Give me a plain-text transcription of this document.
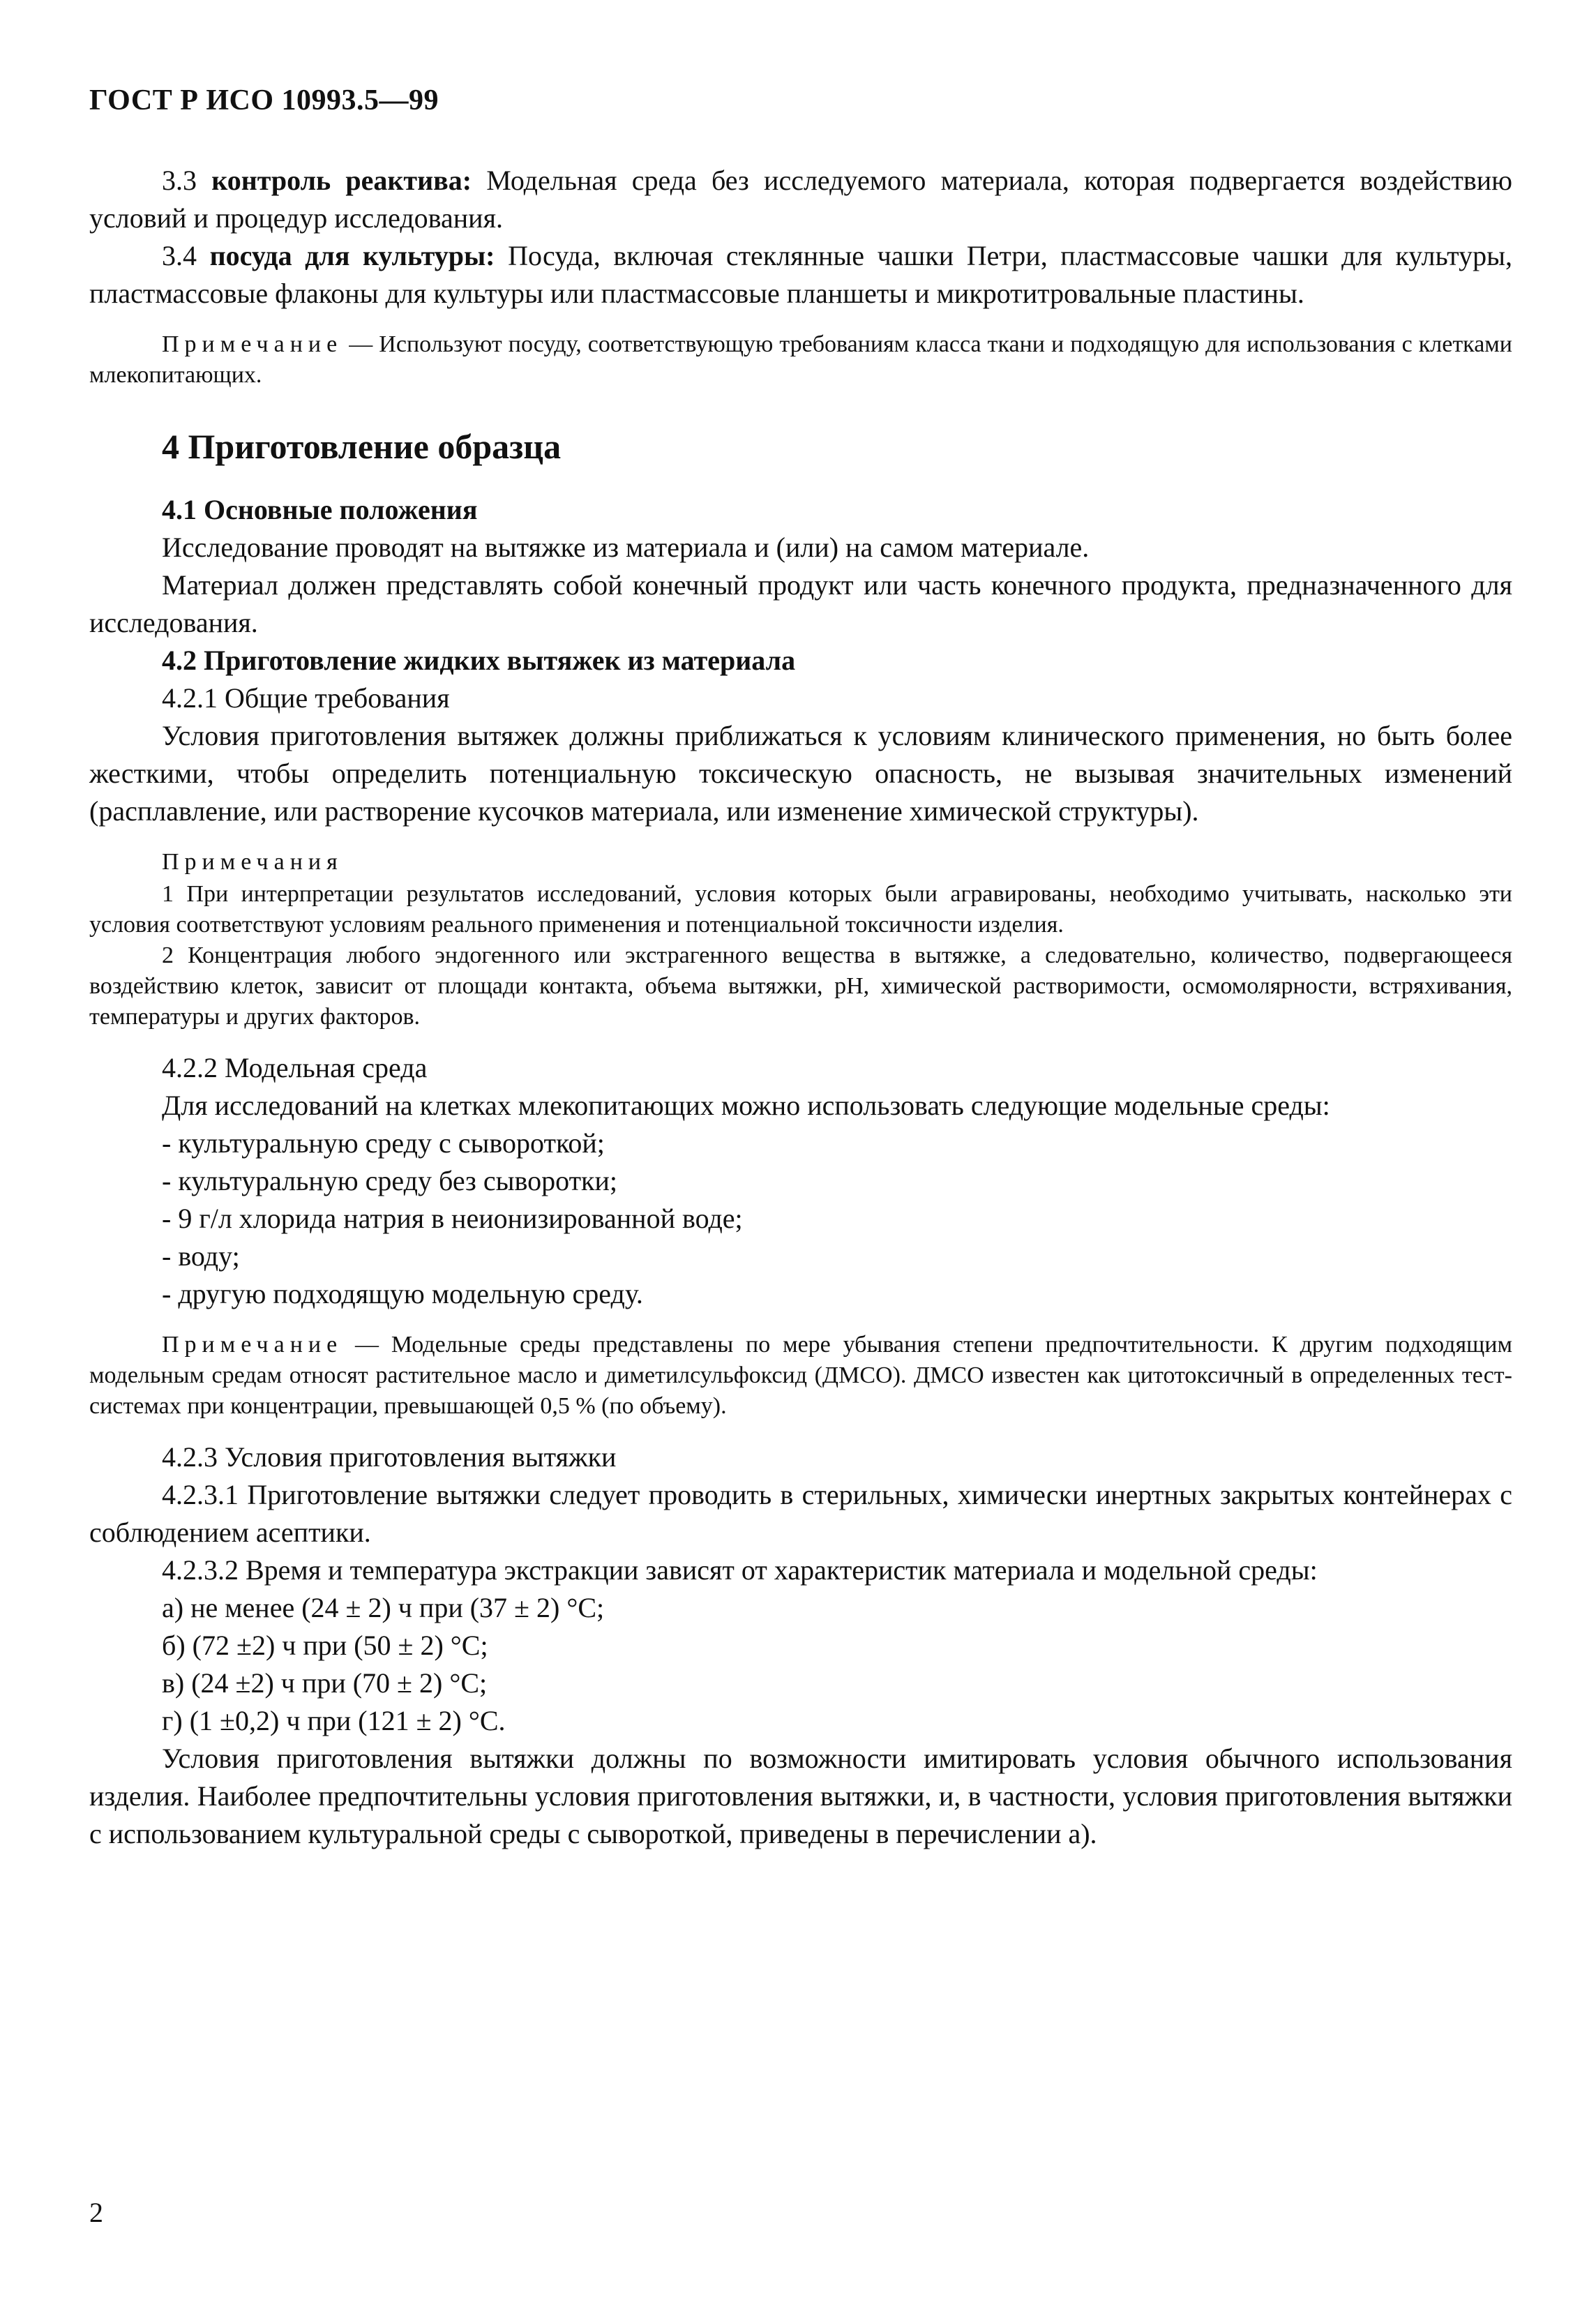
ГОСТ Р ИСО 10993.5—99

3.3 контроль реактива: Модельная среда без исследуемого материала, которая подвергается воздействию условий и процедур исследования.

3.4 посуда для культуры: Посуда, включая стеклянные чашки Петри, пластмассовые чашки для культуры, пластмассовые флаконы для культуры или пластмассовые планшеты и микротитровальные пластины.

Примечание — Используют посуду, соответствующую требованиям класса ткани и подходящую для использования с клетками млекопитающих.

4 Приготовление образца

4.1 Основные положения

Исследование проводят на вытяжке из материала и (или) на самом материале.

Материал должен представлять собой конечный продукт или часть конечного продукта, предназначенного для исследования.

4.2 Приготовление жидких вытяжек из материала

4.2.1 Общие требования

Условия приготовления вытяжек должны приближаться к условиям клинического применения, но быть более жесткими, чтобы определить потенциальную токсическую опасность, не вызывая значительных изменений (расплавление, или растворение кусочков материала, или изменение химической структуры).

Примечания

1 При интерпретации результатов исследований, условия которых были агравированы, необходимо учитывать, насколько эти условия соответствуют условиям реального применения и потенциальной токсичности изделия.

2 Концентрация любого эндогенного или экстрагенного вещества в вытяжке, а следовательно, количество, подвергающееся воздействию клеток, зависит от площади контакта, объема вытяжки, pH, химической растворимости, осмомолярности, встряхивания, температуры и других факторов.

4.2.2 Модельная среда

Для исследований на клетках млекопитающих можно использовать следующие модельные среды:

- культуральную среду с сывороткой;

- культуральную среду без сыворотки;

- 9 г/л хлорида натрия в неионизированной воде;

- воду;

- другую подходящую модельную среду.

Примечание — Модельные среды представлены по мере убывания степени предпочтительности. К другим подходящим модельным средам относят растительное масло и диметилсульфоксид (ДМСО). ДМСО известен как цитотоксичный в определенных тест-системах при концентрации, превышающей 0,5 % (по объему).

4.2.3 Условия приготовления вытяжки

4.2.3.1 Приготовление вытяжки следует проводить в стерильных, химически инертных закрытых контейнерах с соблюдением асептики.

4.2.3.2 Время и температура экстракции зависят от характеристик материала и модельной среды:

а) не менее (24 ± 2) ч при (37 ± 2) °C;

б) (72 ±2) ч при (50 ± 2) °C;

в) (24 ±2) ч при (70 ± 2) °C;

г) (1 ±0,2) ч при (121 ± 2) °C.

Условия приготовления вытяжки должны по возможности имитировать условия обычного использования изделия. Наиболее предпочтительны условия приготовления вытяжки, и, в частности, условия приготовления вытяжки с использованием культуральной среды с сывороткой, приведены в перечислении а).

2
